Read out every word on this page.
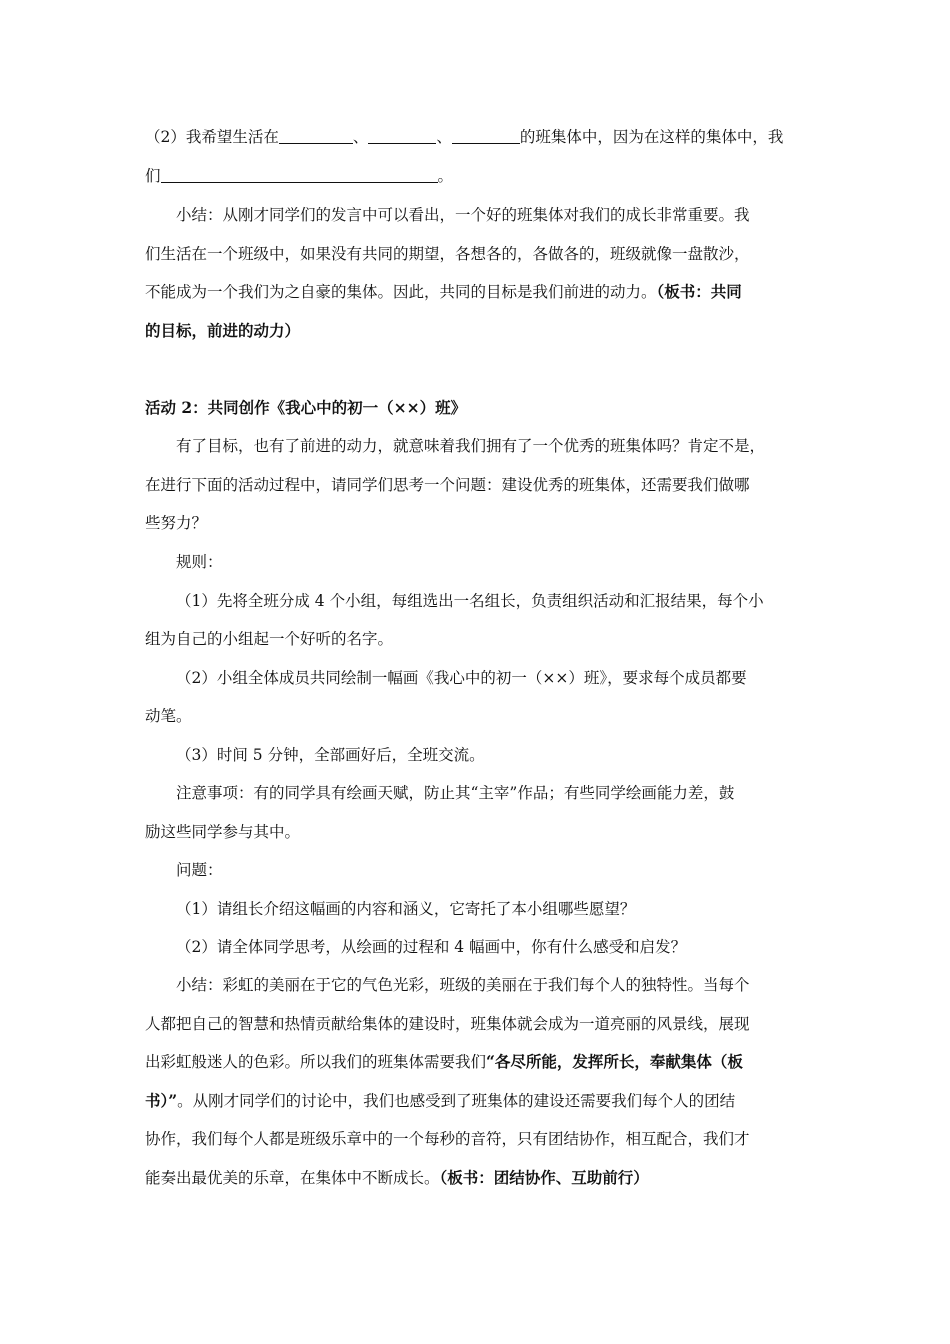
（2）我希望生活在	、	、	的班集体中，因为在这样的集体中，我
们	。
小结：从刚才同学们的发言中可以看出，一个好的班集体对我们的成长非常重要。我
们生活在一个班级中，如果没有共同的期望，各想各的，各做各的，班级就像一盘散沙，
不能成为一个我们为之自豪的集体。因此，共同的目标是我们前进的动力。（板书：共同
的目标，前进的动力）
活动 2：共同创作《我心中的初一（××）班》
有了目标，也有了前进的动力，就意味着我们拥有了一个优秀的班集体吗？肯定不是，
在进行下面的活动过程中，请同学们思考一个问题：建设优秀的班集体，还需要我们做哪
些努力？
规则：
（1）先将全班分成 4 个小组，每组选出一名组长，负责组织活动和汇报结果，每个小
组为自己的小组起一个好听的名字。
（2）小组全体成员共同绘制一幅画《我心中的初一（××）班》，要求每个成员都要
动笔。
（3）时间 5 分钟，全部画好后，全班交流。
注意事项：有的同学具有绘画天赋，防止其“主宰”作品；有些同学绘画能力差，鼓
励这些同学参与其中。
问题：
（1）请组长介绍这幅画的内容和涵义，它寄托了本小组哪些愿望？
（2）请全体同学思考，从绘画的过程和 4 幅画中，你有什么感受和启发？
小结：彩虹的美丽在于它的气色光彩，班级的美丽在于我们每个人的独特性。当每个
人都把自己的智慧和热情贡献给集体的建设时，班集体就会成为一道亮丽的风景线，展现
出彩虹般迷人的色彩。所以我们的班集体需要我们“各尽所能，发挥所长，奉献集体（板
书）”。从刚才同学们的讨论中，我们也感受到了班集体的建设还需要我们每个人的团结
协作，我们每个人都是班级乐章中的一个每秒的音符，只有团结协作，相互配合，我们才
能奏出最优美的乐章，在集体中不断成长。（板书：团结协作、互助前行）
